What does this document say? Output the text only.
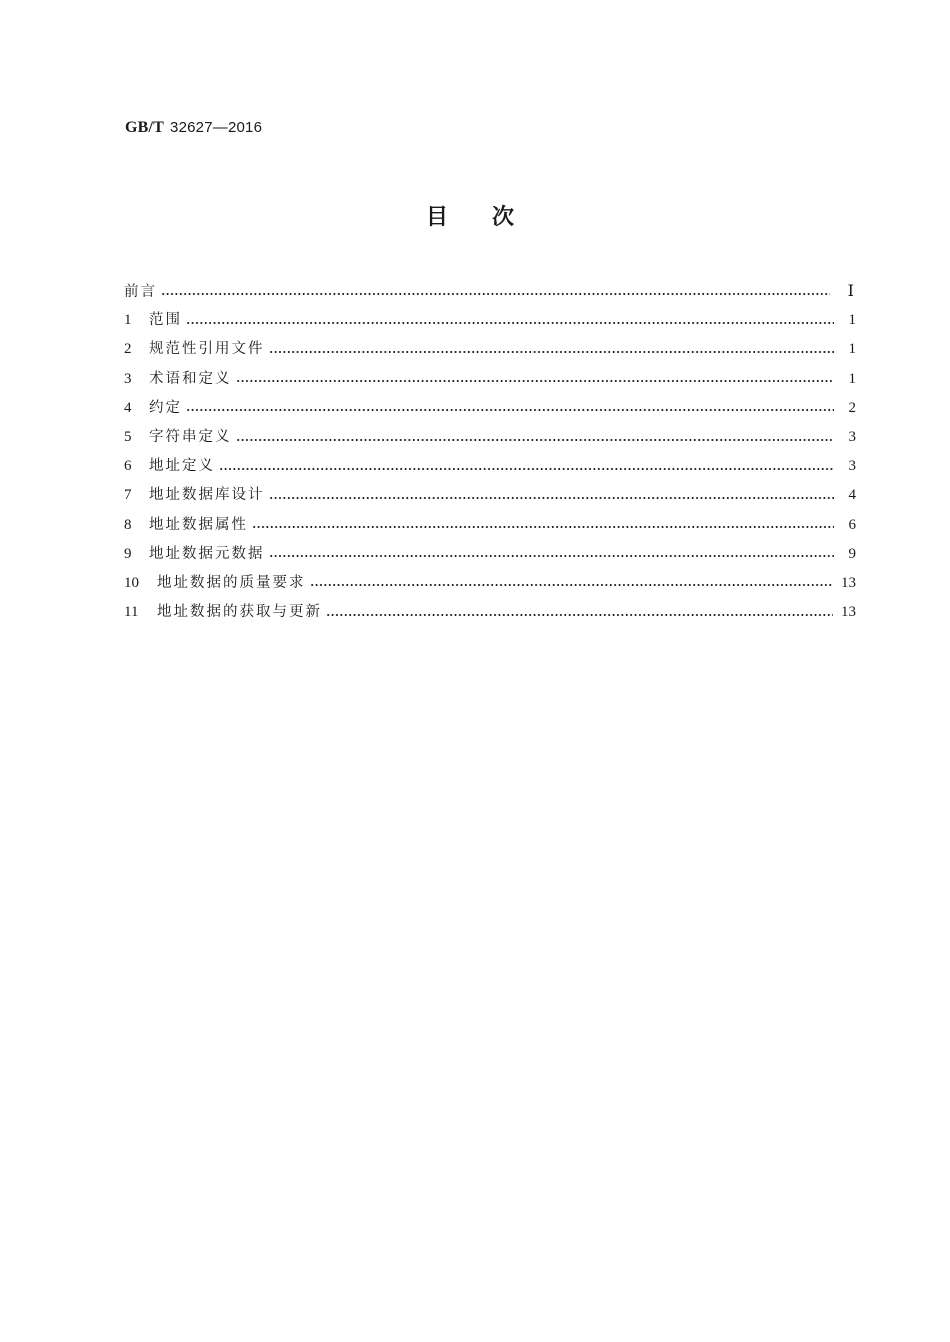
GB/T 32627—2016
目次
前言	Ⅰ
1	范围	1
2	规范性引用文件	1
3	术语和定义	1
4	约定	2
5	字符串定义	3
6	地址定义	3
7	地址数据库设计	4
8	地址数据属性	6
9	地址数据元数据	9
10	地址数据的质量要求	13
11	地址数据的获取与更新	13
